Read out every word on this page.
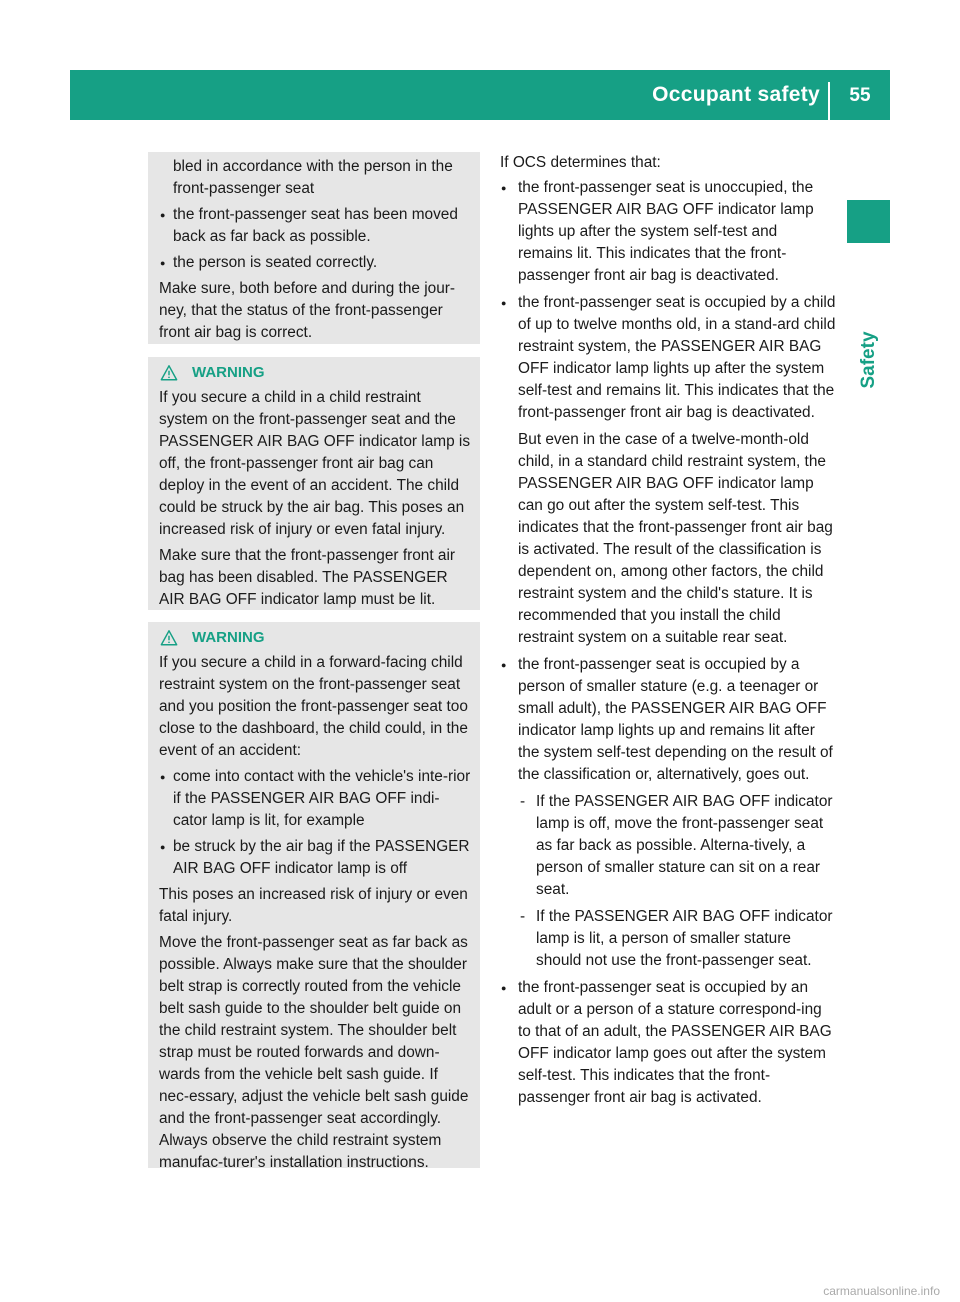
Occupant safety	55
Safety

bled in accordance with the person in the front-passenger seat

● the front-passenger seat has been moved back as far back as possible.

● the person is seated correctly.

Make sure, both before and during the jour-ney, that the status of the front-passenger front air bag is correct.

WARNING

If you secure a child in a child restraint system on the front-passenger seat and the PASSENGER AIR BAG OFF indicator lamp is off, the front-passenger front air bag can deploy in the event of an accident. The child could be struck by the air bag. This poses an increased risk of injury or even fatal injury.

Make sure that the front-passenger front air bag has been disabled. The PASSENGER AIR BAG OFF indicator lamp must be lit.

WARNING

If you secure a child in a forward-facing child restraint system on the front-passenger seat and you position the front-passenger seat too close to the dashboard, the child could, in the event of an accident:

● come into contact with the vehicle's inte-rior if the PASSENGER AIR BAG OFF indi-cator lamp is lit, for example

● be struck by the air bag if the PASSENGER AIR BAG OFF indicator lamp is off

This poses an increased risk of injury or even fatal injury.

Move the front-passenger seat as far back as possible. Always make sure that the shoulder belt strap is correctly routed from the vehicle belt sash guide to the shoulder belt guide on the child restraint system. The shoulder belt strap must be routed forwards and down-wards from the vehicle belt sash guide. If nec-essary, adjust the vehicle belt sash guide and the front-passenger seat accordingly. Always observe the child restraint system manufac-turer's installation instructions.

If OCS determines that:

● the front-passenger seat is unoccupied, the PASSENGER AIR BAG OFF indicator lamp lights up after the system self-test and remains lit. This indicates that the front-passenger front air bag is deactivated.

● the front-passenger seat is occupied by a child of up to twelve months old, in a stand-ard child restraint system, the PASSENGER AIR BAG OFF indicator lamp lights up after the system self-test and remains lit. This indicates that the front-passenger front air bag is deactivated.

But even in the case of a twelve-month-old child, in a standard child restraint system, the PASSENGER AIR BAG OFF indicator lamp can go out after the system self-test. This indicates that the front-passenger front air bag is activated. The result of the classification is dependent on, among other factors, the child restraint system and the child's stature. It is recommended that you install the child restraint system on a suitable rear seat.

● the front-passenger seat is occupied by a person of smaller stature (e.g. a teenager or small adult), the PASSENGER AIR BAG OFF indicator lamp lights up and remains lit after the system self-test depending on the result of the classification or, alternatively, goes out.

- If the PASSENGER AIR BAG OFF indicator lamp is off, move the front-passenger seat as far back as possible. Alterna-tively, a person of smaller stature can sit on a rear seat.

- If the PASSENGER AIR BAG OFF indicator lamp is lit, a person of smaller stature should not use the front-passenger seat.

● the front-passenger seat is occupied by an adult or a person of a stature correspond-ing to that of an adult, the PASSENGER AIR BAG OFF indicator lamp goes out after the system self-test. This indicates that the front-passenger front air bag is activated.

carmanualsonline.info
